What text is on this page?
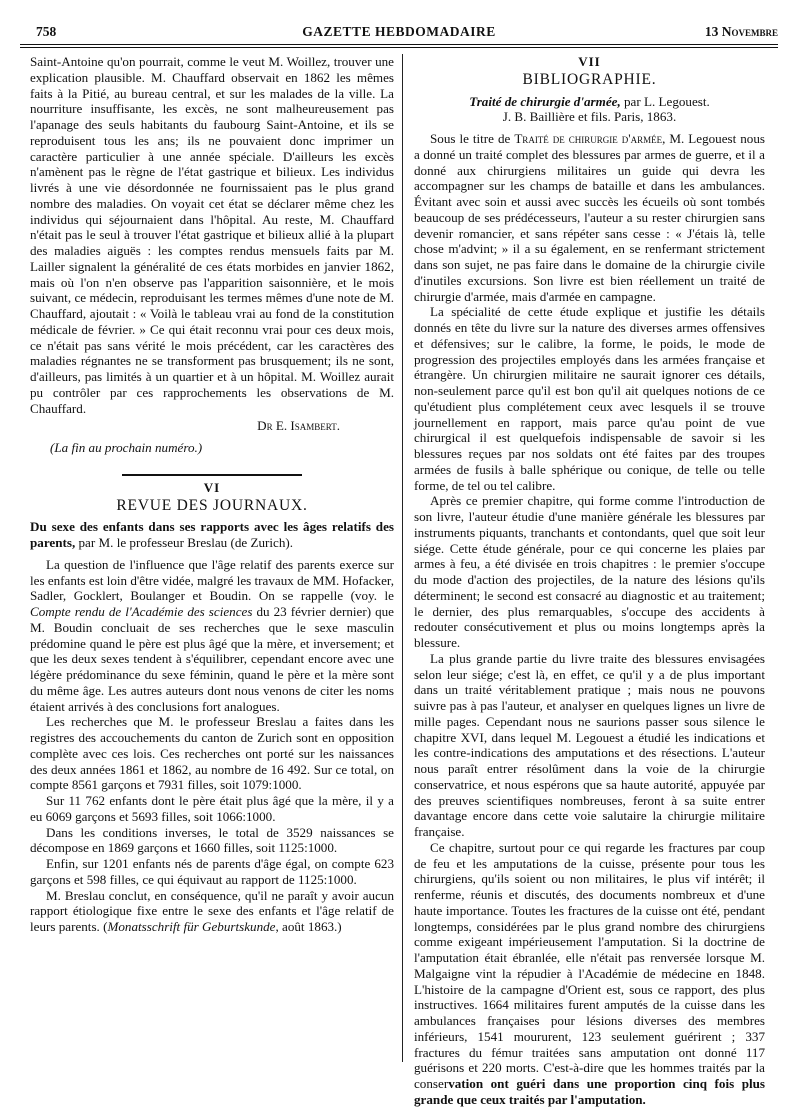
758	GAZETTE HEBDOMADAIRE	13 Novembre

Saint-Antoine qu'on pourrait, comme le veut M. Woillez, trouver une explication plausible. M. Chauffard observait en 1862 les mêmes faits à la Pitié, au bureau central, et sur les malades de la ville. La nourriture insuffisante, les excès, ne sont malheureusement pas l'apanage des seuls habitants du faubourg Saint-Antoine, et ils se reproduisent tous les ans; ils ne pouvaient donc imprimer un caractère particulier à une année spéciale. D'ailleurs les excès n'amènent pas le règne de l'état gastrique et bilieux. Les individus livrés à une vie désordonnée ne fournissaient pas le plus grand nombre des maladies. On voyait cet état se déclarer même chez les individus qui séjournaient dans l'hôpital. Au reste, M. Chauffard n'était pas le seul à trouver l'état gastrique et bilieux allié à la plupart des maladies aiguës : les comptes rendus mensuels faits par M. Lailler signalent la généralité de ces états morbides en janvier 1862, mais où l'on n'en observe pas l'apparition saisonnière, et le mois suivant, ce médecin, reproduisant les termes mêmes d'une note de M. Chauffard, ajoutait : « Voilà le tableau vrai au fond de la constitution médicale de février. » Ce qui était reconnu vrai pour ces deux mois, ce n'était pas sans vérité le mois précédent, car les caractères des maladies régnantes ne se transforment pas brusquement; ils ne sont, d'ailleurs, pas limités à un quartier et à un hôpital. M. Woillez aurait pu contrôler par ces rapprochements les observations de M. Chauffard.

Dr E. Isambert.

(La fin au prochain numéro.)

VI
REVUE DES JOURNAUX.

Du sexe des enfants dans ses rapports avec les âges relatifs des parents, par M. le professeur Breslau (de Zurich).

La question de l'influence que l'âge relatif des parents exerce sur les enfants est loin d'être vidée, malgré les travaux de MM. Hofacker, Sadler, Gocklert, Boulanger et Boudin. On se rappelle (voy. le Compte rendu de l'Académie des sciences du 23 février dernier) que M. Boudin concluait de ses recherches que le sexe masculin prédomine quand le père est plus âgé que la mère, et inversement; et que les deux sexes tendent à s'équilibrer, cependant encore avec une légère prédominance du sexe féminin, quand le père et la mère sont du même âge. Les autres auteurs dont nous venons de citer les noms étaient arrivés à des conclusions fort analogues.

Les recherches que M. le professeur Breslau a faites dans les registres des accouchements du canton de Zurich sont en opposition complète avec ces lois. Ces recherches ont porté sur les naissances des deux années 1861 et 1862, au nombre de 16 492. Sur ce total, on compte 8561 garçons et 7931 filles, soit 1079:1000.

Sur 11 762 enfants dont le père était plus âgé que la mère, il y a eu 6069 garçons et 5693 filles, soit 1066:1000.

Dans les conditions inverses, le total de 3529 naissances se décompose en 1869 garçons et 1660 filles, soit 1125:1000.

Enfin, sur 1201 enfants nés de parents d'âge égal, on compte 623 garçons et 598 filles, ce qui équivaut au rapport de 1125:1000.

M. Breslau conclut, en conséquence, qu'il ne paraît y avoir aucun rapport étiologique fixe entre le sexe des enfants et l'âge relatif de leurs parents. (Monatsschrift für Geburtskunde, août 1863.)

VII
BIBLIOGRAPHIE.
Traité de chirurgie d'armée, par L. Legouest.
J. B. Baillière et fils. Paris, 1863.

Sous le titre de Traité de chirurgie d'armée, M. Legouest nous a donné un traité complet des blessures par armes de guerre, et il a donné aux chirurgiens militaires un guide qui devra les accompagner sur les champs de bataille et dans les ambulances. Évitant avec soin et aussi avec succès les écueils où sont tombés beaucoup de ses prédécesseurs, l'auteur a su rester chirurgien sans devenir romancier, et sans répéter sans cesse : « J'étais là, telle chose m'advint; » il a su également, en se renfermant strictement dans son sujet, ne pas faire dans le domaine de la chirurgie civile d'inutiles excursions. Son livre est bien réellement un traité de chirurgie d'armée, mais d'armée en campagne.

La spécialité de cette étude explique et justifie les détails donnés en tête du livre sur la nature des diverses armes offensives et défensives; sur le calibre, la forme, le poids, le mode de progression des projectiles employés dans les armées française et étrangère. Un chirurgien militaire ne saurait ignorer ces détails, non-seulement parce qu'il est bon qu'il ait quelques notions de ce qu'étudient plus complétement ceux avec lesquels il se trouve journellement en rapport, mais parce qu'au point de vue chirurgical il est quelquefois indispensable de savoir si les blessures reçues par nos soldats ont été faites par des troupes armées de fusils à balle sphérique ou conique, de telle ou telle forme, de tel ou tel calibre.

Après ce premier chapitre, qui forme comme l'introduction de son livre, l'auteur étudie d'une manière générale les blessures par instruments piquants, tranchants et contondants, quel que soit leur siége. Cette étude générale, pour ce qui concerne les plaies par armes à feu, a été divisée en trois chapitres : le premier s'occupe du mode d'action des projectiles, de la nature des lésions qu'ils déterminent; le second est consacré au diagnostic et au traitement; le dernier, des plus remarquables, s'occupe des accidents à redouter consécutivement et plus ou moins longtemps après la blessure.

La plus grande partie du livre traite des blessures envisagées selon leur siége; c'est là, en effet, ce qu'il y a de plus important dans un traité véritablement pratique ; mais nous ne pouvons suivre pas à pas l'auteur, et analyser en quelques lignes un livre de mille pages. Cependant nous ne saurions passer sous silence le chapitre XVI, dans lequel M. Legouest a étudié les indications et les contre-indications des amputations et des résections. L'auteur nous paraît entrer résolûment dans la voie de la chirurgie conservatrice, et nous espérons que sa haute autorité, appuyée par des preuves scientifiques nombreuses, feront à sa suite entrer davantage encore dans cette voie salutaire la chirurgie militaire française.

Ce chapitre, surtout pour ce qui regarde les fractures par coup de feu et les amputations de la cuisse, présente pour tous les chirurgiens, qu'ils soient ou non militaires, le plus vif intérêt; il renferme, réunis et discutés, des documents nombreux et d'une haute importance. Toutes les fractures de la cuisse ont été, pendant longtemps, considérées par le plus grand nombre des chirurgiens comme exigeant impérieusement l'amputation. Si la doctrine de l'amputation était ébranlée, elle n'était pas renversée lorsque M. Malgaigne vint la répudier à l'Académie de médecine en 1848. L'histoire de la campagne d'Orient est, sous ce rapport, des plus instructives. 1664 militaires furent amputés de la cuisse dans les ambulances françaises pour lésions diverses des membres inférieurs, 1541 moururent, 123 seulement guérirent ; 337 fractures du fémur traitées sans amputation ont donné 117 guérisons et 220 morts. C'est-à-dire que les hommes traités par la conservation ont guéri dans une proportion cinq fois plus grande que ceux traités par l'amputation.
